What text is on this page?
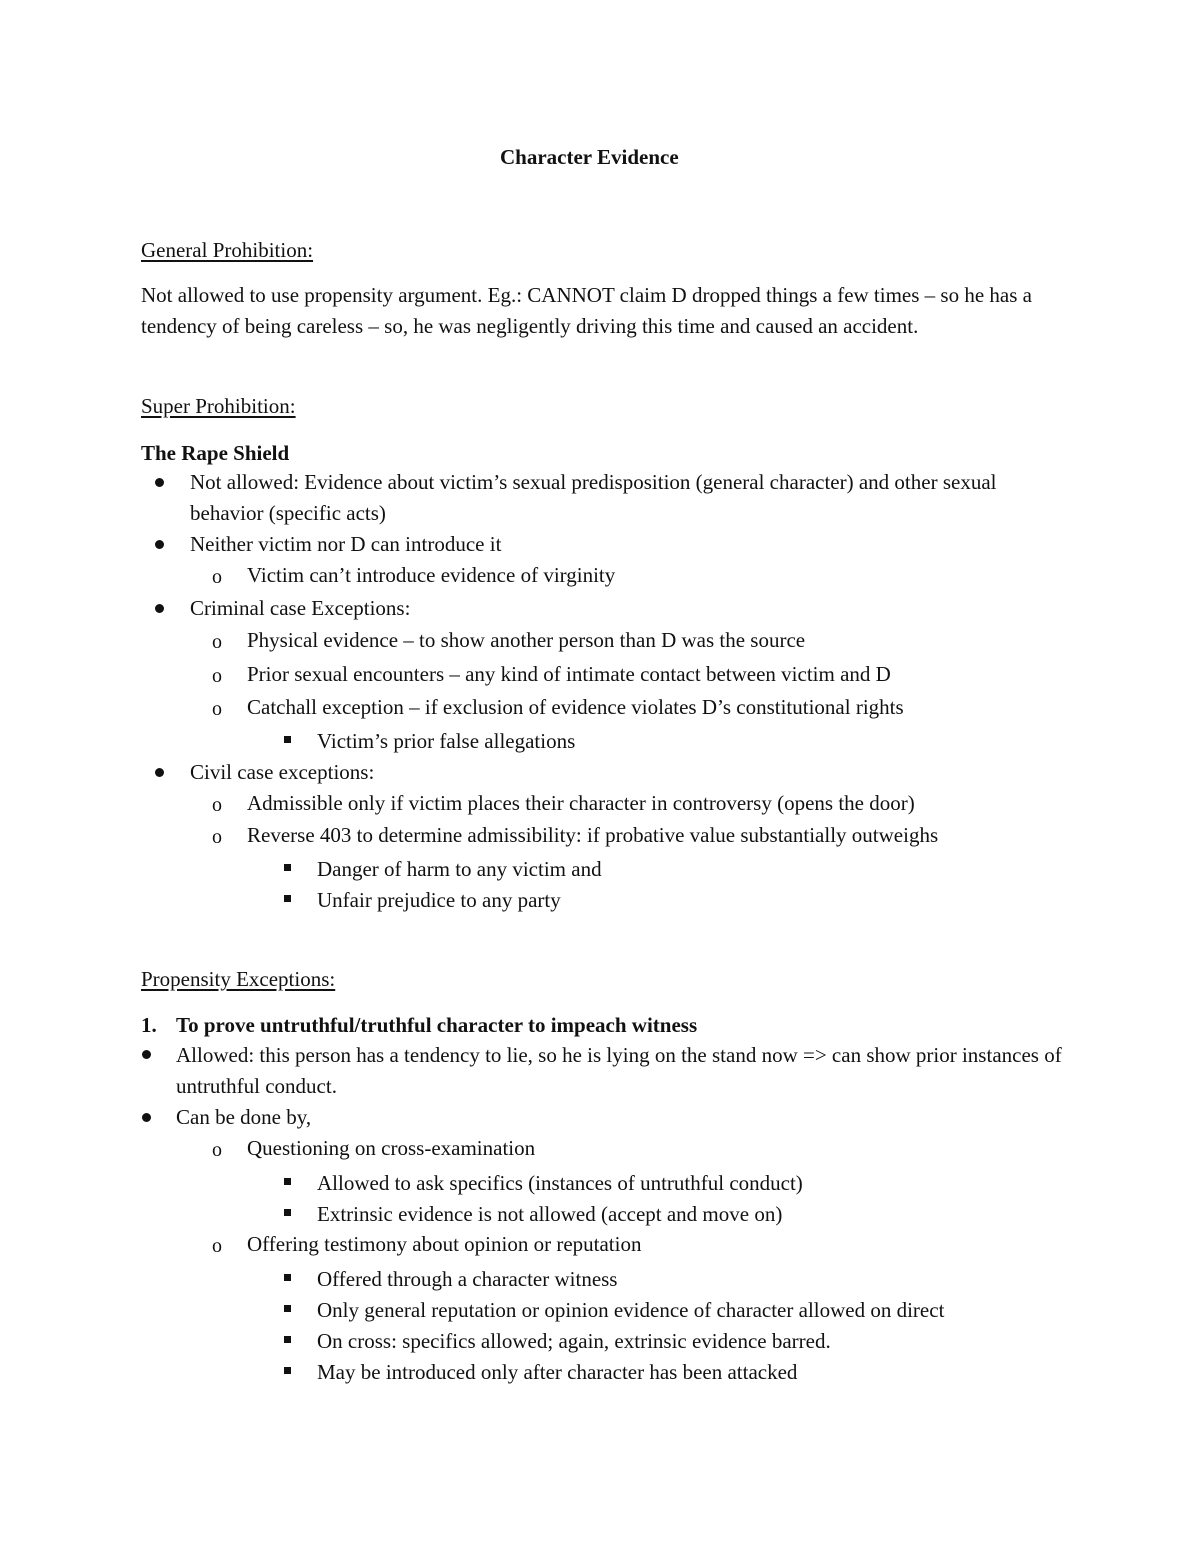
Character Evidence
General Prohibition:
Not allowed to use propensity argument. Eg.: CANNOT claim D dropped things a few times – so he has a tendency of being careless – so, he was negligently driving this time and caused an accident.
Super Prohibition:
The Rape Shield
Not allowed: Evidence about victim’s sexual predisposition (general character) and other sexual behavior (specific acts)
Neither victim nor D can introduce it
o Victim can’t introduce evidence of virginity
Criminal case Exceptions:
o Physical evidence – to show another person than D was the source
o Prior sexual encounters – any kind of intimate contact between victim and D
o Catchall exception – if exclusion of evidence violates D’s constitutional rights
Victim’s prior false allegations
Civil case exceptions:
o Admissible only if victim places their character in controversy (opens the door)
o Reverse 403 to determine admissibility: if probative value substantially outweighs
Danger of harm to any victim and
Unfair prejudice to any party
Propensity Exceptions:
1. To prove untruthful/truthful character to impeach witness
Allowed: this person has a tendency to lie, so he is lying on the stand now => can show prior instances of untruthful conduct.
Can be done by,
o Questioning on cross-examination
Allowed to ask specifics (instances of untruthful conduct)
Extrinsic evidence is not allowed (accept and move on)
o Offering testimony about opinion or reputation
Offered through a character witness
Only general reputation or opinion evidence of character allowed on direct
On cross: specifics allowed; again, extrinsic evidence barred.
May be introduced only after character has been attacked
